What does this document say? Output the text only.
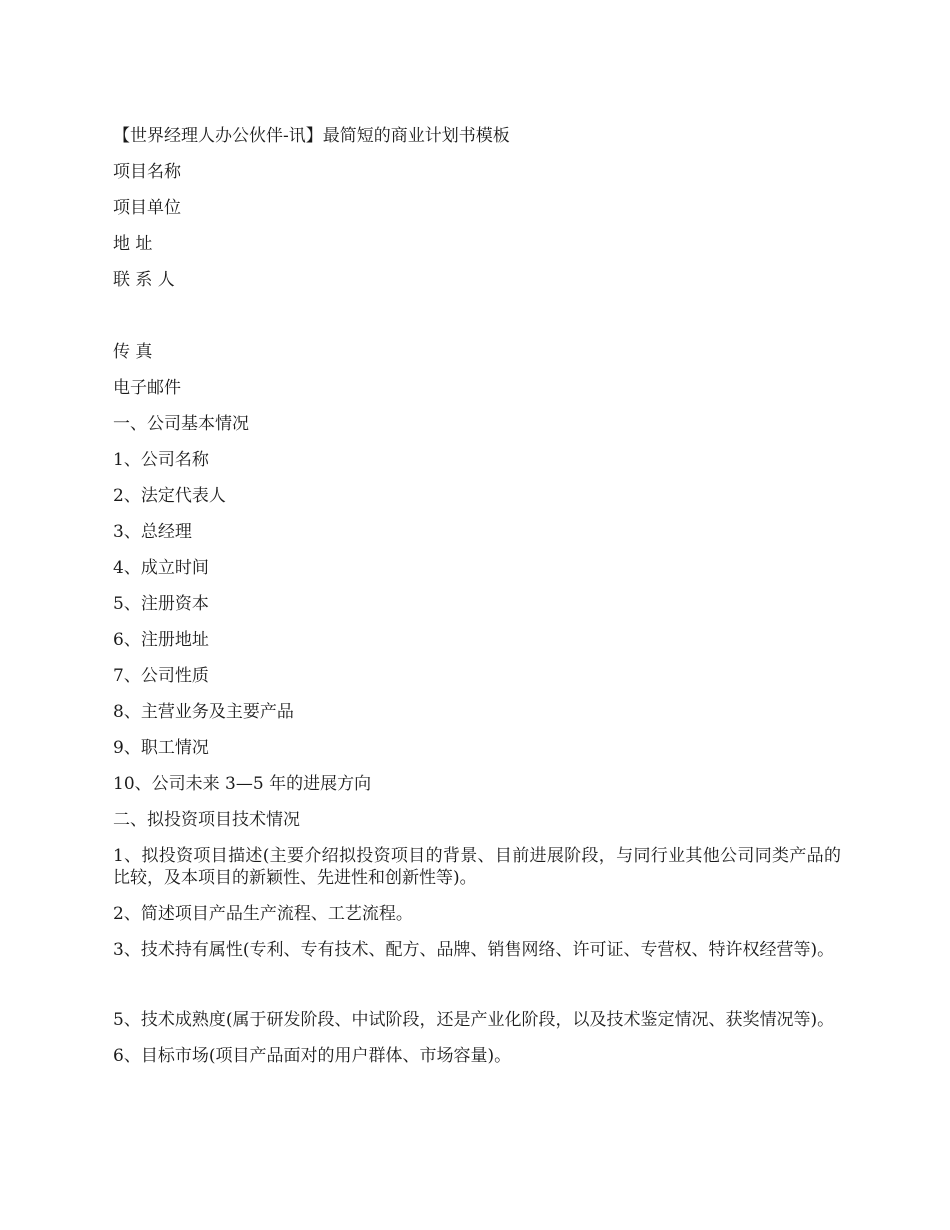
【世界经理人办公伙伴-讯】最简短的商业计划书模板
项目名称
项目单位
地 址
联 系 人
传 真
电子邮件
一、公司基本情况
1、公司名称
2、法定代表人
3、总经理
4、成立时间
5、注册资本
6、注册地址
7、公司性质
8、主营业务及主要产品
9、职工情况
10、公司未来 3—5 年的进展方向
二、拟投资项目技术情况
1、拟投资项目描述(主要介绍拟投资项目的背景、目前进展阶段，与同行业其他公司同类产品的比较，及本项目的新颖性、先进性和创新性等)。
2、简述项目产品生产流程、工艺流程。
3、技术持有属性(专利、专有技术、配方、品牌、销售网络、许可证、专营权、特许权经营等)。
5、技术成熟度(属于研发阶段、中试阶段，还是产业化阶段，以及技术鉴定情况、获奖情况等)。
6、目标市场(项目产品面对的用户群体、市场容量)。
